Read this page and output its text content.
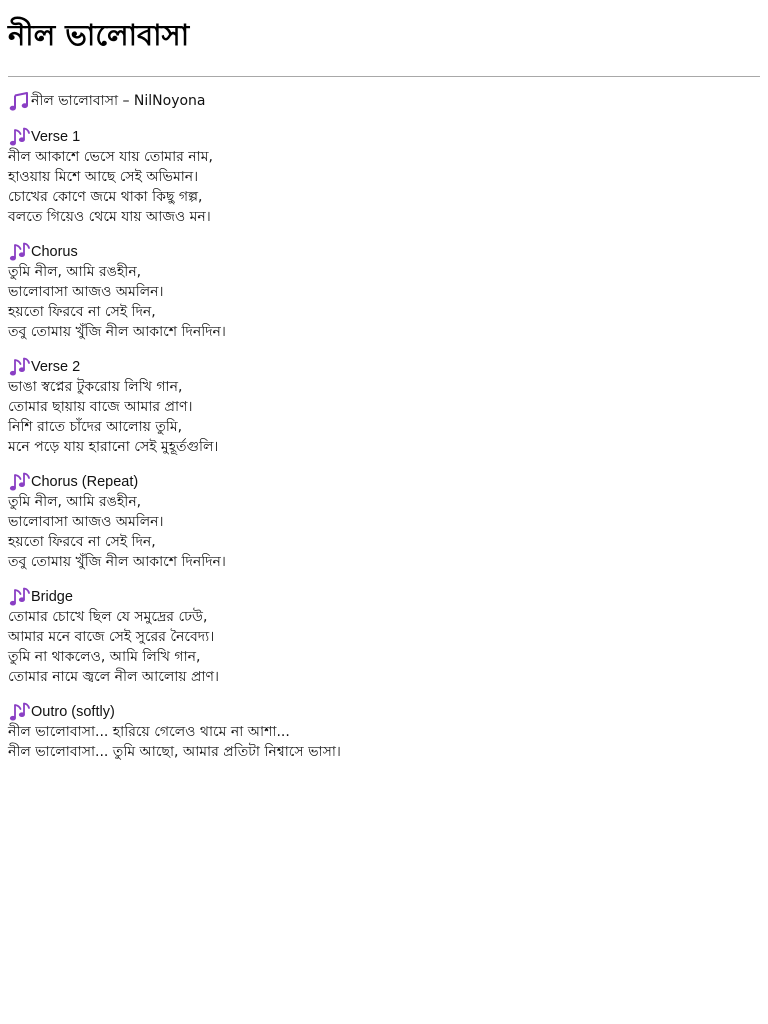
নীল ভালোবাসা
নীল ভালোবাসা – NilNoyona
Verse 1
নীল আকাশে ভেসে যায় তোমার নাম,
হাওয়ায় মিশে আছে সেই অভিমান।
চোখের কোণে জমে থাকা কিছু গল্প,
বলতে গিয়েও থেমে যায় আজও মন।
Chorus
তুমি নীল, আমি রঙহীন,
ভালোবাসা আজও অমলিন।
হয়তো ফিরবে না সেই দিন,
তবু তোমায় খুঁজি নীল আকাশে দিনদিন।
Verse 2
ভাঙা স্বপ্নের টুকরোয় লিখি গান,
তোমার ছায়ায় বাজে আমার প্রাণ।
নিশি রাতে চাঁদের আলোয় তুমি,
মনে পড়ে যায় হারানো সেই মুহূর্তগুলি।
Chorus (Repeat)
তুমি নীল, আমি রঙহীন,
ভালোবাসা আজও অমলিন।
হয়তো ফিরবে না সেই দিন,
তবু তোমায় খুঁজি নীল আকাশে দিনদিন।
Bridge
তোমার চোখে ছিল যে সমুদ্রের ঢেউ,
আমার মনে বাজে সেই সুরের নৈবেদ্য।
তুমি না থাকলেও, আমি লিখি গান,
তোমার নামে জ্বলে নীল আলোয় প্রাণ।
Outro (softly)
নীল ভালোবাসা... হারিয়ে গেলেও থামে না আশা...
নীল ভালোবাসা... তুমি আছো, আমার প্রতিটা নিশ্বাসে ভাসা।
